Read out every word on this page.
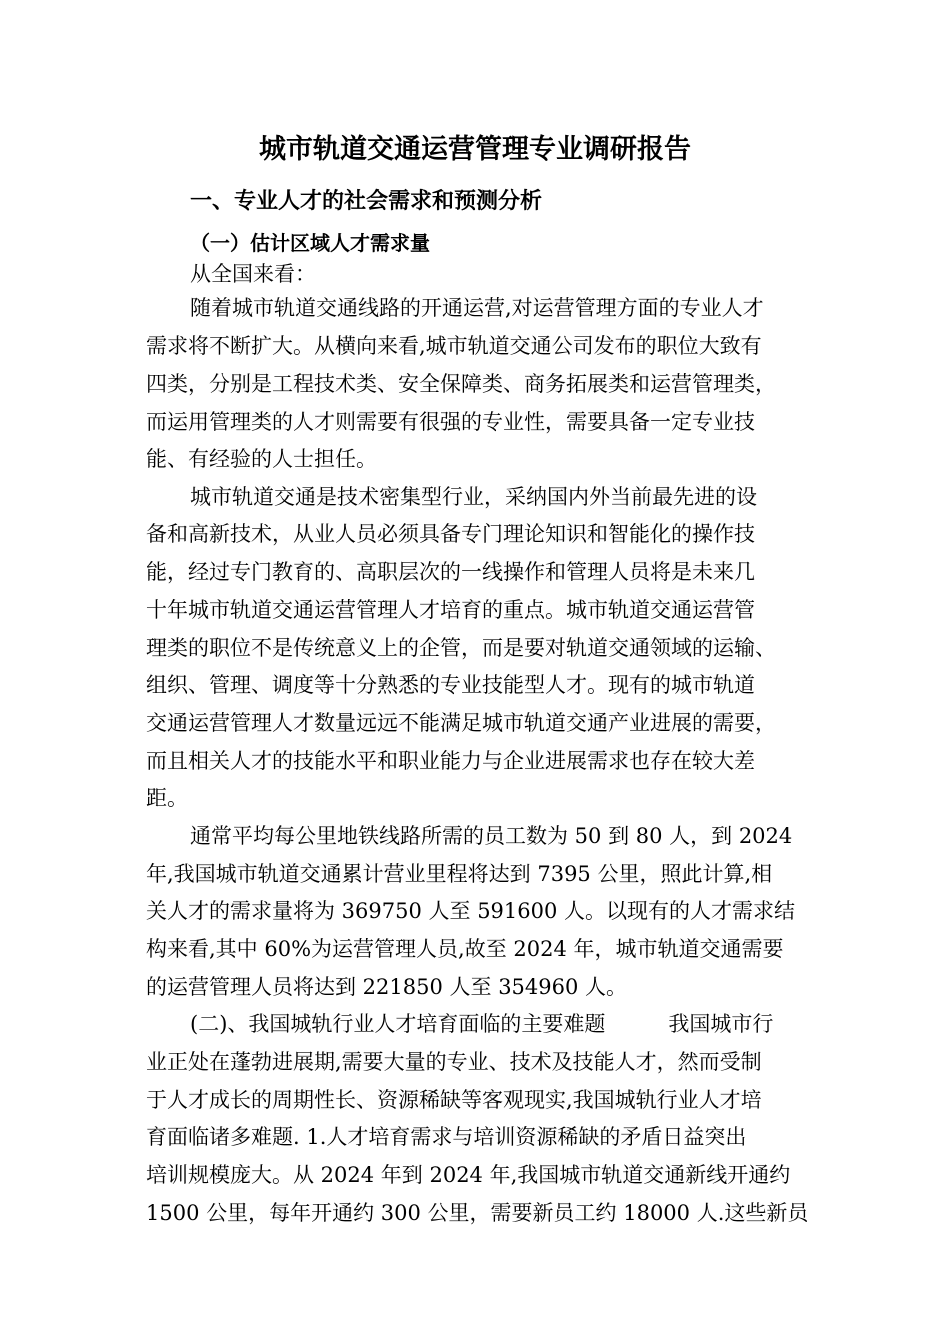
城市轨道交通运营管理专业调研报告
一、专业人才的社会需求和预测分析
（一）估计区域人才需求量
从全国来看：
随着城市轨道交通线路的开通运营,对运营管理方面的专业人才
需求将不断扩大。从横向来看,城市轨道交通公司发布的职位大致有
四类，分别是工程技术类、安全保障类、商务拓展类和运营管理类，
而运用管理类的人才则需要有很强的专业性，需要具备一定专业技
能、有经验的人士担任。
城市轨道交通是技术密集型行业，采纳国内外当前最先进的设
备和高新技术，从业人员必须具备专门理论知识和智能化的操作技
能，经过专门教育的、高职层次的一线操作和管理人员将是未来几
十年城市轨道交通运营管理人才培育的重点。城市轨道交通运营管
理类的职位不是传统意义上的企管，而是要对轨道交通领域的运输、
组织、管理、调度等十分熟悉的专业技能型人才。现有的城市轨道
交通运营管理人才数量远远不能满足城市轨道交通产业进展的需要，
而且相关人才的技能水平和职业能力与企业进展需求也存在较大差
距。
通常平均每公里地铁线路所需的员工数为 50 到 80 人，到 2024
年,我国城市轨道交通累计营业里程将达到 7395 公里，照此计算,相
关人才的需求量将为 369750 人至 591600 人。以现有的人才需求结
构来看,其中 60%为运营管理人员,故至 2024 年，城市轨道交通需要
的运营管理人员将达到 221850 人至 354960 人。
(二)、我国城轨行业人才培育面临的主要难题　　　我国城市行
业正处在蓬勃进展期,需要大量的专业、技术及技能人才，然而受制
于人才成长的周期性长、资源稀缺等客观现实,我国城轨行业人才培
育面临诸多难题. 1.人才培育需求与培训资源稀缺的矛盾日益突出
培训规模庞大。从 2024 年到 2024 年,我国城市轨道交通新线开通约
1500 公里，每年开通约 300 公里，需要新员工约 18000 人.这些新员
